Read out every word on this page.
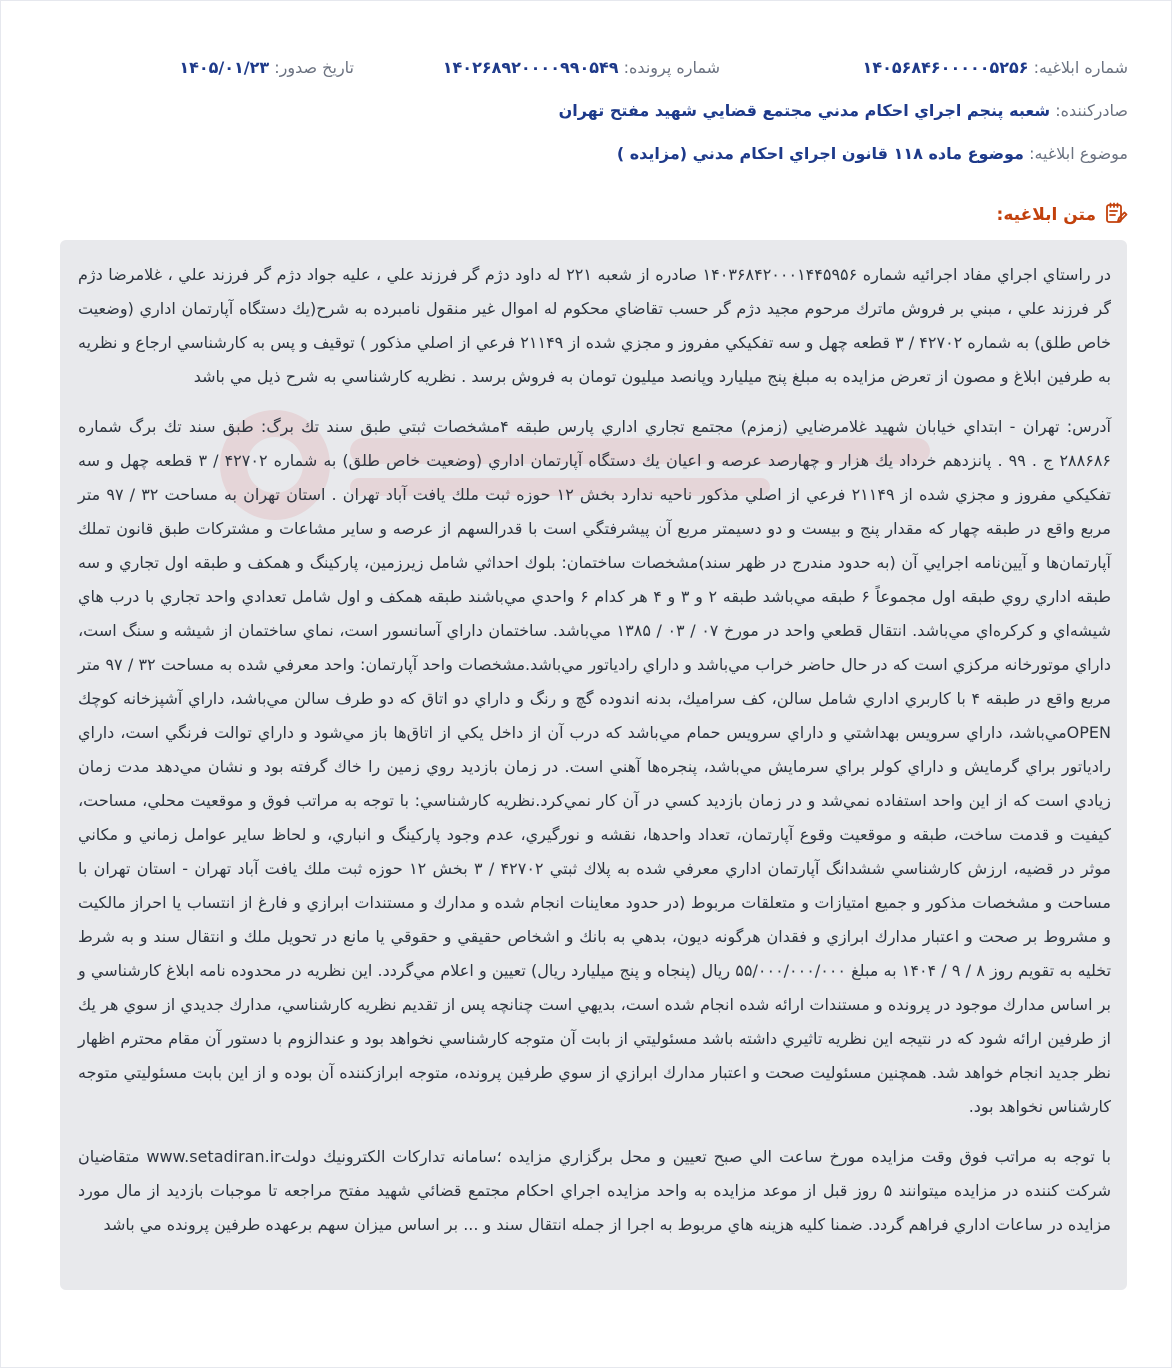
شماره ابلاغيه: ۱۴۰۵۶۸۴۶۰۰۰۰۰۵۲۵۶
شماره پرونده: ۱۴۰۲۶۸۹۲۰۰۰۰۹۹۰۵۴۹
تاريخ صدور: ۱۴۰۵/۰۱/۲۳
صادرکننده: شعبه پنجم اجراي احكام مدني مجتمع قضايي شهيد مفتح تهران
موضوع ابلاغيه: موضوع ماده ۱۱۸ قانون اجراي احكام مدني (مزايده )
متن ابلاغيه:

در راستاي اجراي مفاد اجرائيه شماره ۱۴۰۳۶۸۴۲۰۰۰۱۴۴۵۹۵۶ صادره از شعبه ۲۲۱ له داود دژم گر فرزند علي ، عليه جواد دژم گر فرزند علي ، غلامرضا دژم گر فرزند علي ، مبني بر فروش ماترك مرحوم مجيد دژم گر حسب تقاضاي محكوم له اموال غير منقول نامبرده به شرح(يك دستگاه آپارتمان اداري (وضعيت خاص طلق) به شماره ۴۲۷۰۲ / ۳ قطعه چهل و سه تفكيكي مفروز و مجزي شده از ۲۱۱۴۹ فرعي از اصلي مذكور ) توقيف و پس به كارشناسي ارجاع و نظريه به طرفين ابلاغ و مصون از تعرض مزايده به مبلغ پنج ميليارد وپانصد ميليون تومان به فروش برسد . نظريه كارشناسي به شرح ذيل مي باشد

آدرس: تهران - ابتداي خيابان شهيد غلامرضايي (زمزم) مجتمع تجاري اداري پارس طبقه ۴مشخصات ثبتي طبق سند تك برگ: طبق سند تك برگ شماره ۲۸۸۶۸۶ ج . ۹۹ . پانزدهم خرداد يك هزار و چهارصد عرصه و اعيان يك دستگاه آپارتمان اداري (وضعيت خاص طلق) به شماره ۴۲۷۰۲ / ۳ قطعه چهل و سه تفكيكي مفروز و مجزي شده از ۲۱۱۴۹ فرعي از اصلي مذكور ناحيه ندارد بخش ۱۲ حوزه ثبت ملك يافت آباد تهران . استان تهران به مساحت ۳۲ / ۹۷ متر مربع واقع در طبقه چهار كه مقدار پنج و بيست و دو دسيمتر مربع آن پيشرفتگي است با قدرالسهم از عرصه و ساير مشاعات و مشتركات طبق قانون تملك آپارتمان‌ها و آيين‌نامه اجرايي آن (به حدود مندرج در ظهر سند)مشخصات ساختمان: بلوك احداثي شامل زيرزمين، پاركينگ و همكف و طبقه اول تجاري و سه طبقه اداري روي طبقه اول مجموعاً ۶ طبقه مي‌باشد طبقه ۲ و ۳ و ۴ هر كدام ۶ واحدي مي‌باشند طبقه همكف و اول شامل تعدادي واحد تجاري با درب هاي شيشه‌اي و كركره‌اي مي‌باشد. انتقال قطعي واحد در مورخ ۰۷ / ۰۳ / ۱۳۸۵ مي‌باشد. ساختمان داراي آسانسور است، نماي ساختمان از شيشه و سنگ است، داراي موتورخانه مركزي است كه در حال حاضر خراب مي‌باشد و داراي رادياتور مي‌باشد.مشخصات واحد آپارتمان: واحد معرفي شده به مساحت ۳۲ / ۹۷ متر مربع واقع در طبقه ۴ با كاربري اداري شامل سالن، كف سراميك، بدنه اندوده گچ و رنگ و داراي دو اتاق كه دو طرف سالن مي‌باشد، داراي آشپزخانه كوچك OPENمي‌باشد، داراي سرويس بهداشتي و داراي سرويس حمام مي‌باشد كه درب آن از داخل يكي از اتاق‌ها باز مي‌شود و داراي توالت فرنگي است، داراي رادياتور براي گرمايش و داراي كولر براي سرمايش مي‌باشد، پنجره‌ها آهني است. در زمان بازديد روي زمين را خاك گرفته بود و نشان مي‌دهد مدت زمان زيادي است كه از اين واحد استفاده نمي‌شد و در زمان بازديد كسي در آن كار نمي‌كرد.نظريه كارشناسي: با توجه به مراتب فوق و موقعيت محلي، مساحت، كيفيت و قدمت ساخت، طبقه و موقعيت وقوع آپارتمان، تعداد واحدها، نقشه و نورگيري، عدم وجود پاركينگ و انباري، و لحاظ ساير عوامل زماني و مكاني موثر در قضيه، ارزش كارشناسي ششدانگ آپارتمان اداري معرفي شده به پلاك ثبتي ۴۲۷۰۲ / ۳ بخش ۱۲ حوزه ثبت ملك يافت آباد تهران - استان تهران با مساحت و مشخصات مذكور و جميع امتيازات و متعلقات مربوط (در حدود معاينات انجام شده و مدارك و مستندات ابرازي و فارغ از انتساب يا احراز مالكيت و مشروط بر صحت و اعتبار مدارك ابرازي و فقدان هرگونه ديون، بدهي به بانك و اشخاص حقيقي و حقوقي يا مانع در تحويل ملك و انتقال سند و به شرط تخليه به تقويم روز ۸ / ۹ / ۱۴۰۴ به مبلغ ۵۵/۰۰۰/۰۰۰/۰۰۰ ريال (پنجاه و پنج ميليارد ريال) تعيين و اعلام مي‌گردد. اين نظريه در محدوده نامه ابلاغ كارشناسي و بر اساس مدارك موجود در پرونده و مستندات ارائه شده انجام شده است، بديهي است چنانچه پس از تقديم نظريه كارشناسي، مدارك جديدي از سوي هر يك از طرفين ارائه شود كه در نتيجه اين نظريه تاثيري داشته باشد مسئوليتي از بابت آن متوجه كارشناسي نخواهد بود و عندالزوم با دستور آن مقام محترم اظهار نظر جديد انجام خواهد شد. همچنين مسئوليت صحت و اعتبار مدارك ابرازي از سوي طرفين پرونده، متوجه ابرازكننده آن بوده و از اين بابت مسئوليتي متوجه كارشناس نخواهد بود.

با توجه به مراتب فوق وقت مزايده مورخ ساعت الي صبح تعيين و محل برگزاري مزايده ؛سامانه تداركات الكترونيك دولتwww.setadiran.ir متقاضيان شركت كننده در مزايده ميتوانند ۵ روز قبل از موعد مزايده به واحد مزايده اجراي احكام مجتمع قضائي شهيد مفتح مراجعه تا موجبات بازديد از مال مورد مزايده در ساعات اداري فراهم گردد. ضمنا كليه هزينه هاي مربوط به اجرا از جمله انتقال سند و ... بر اساس ميزان سهم برعهده طرفين پرونده مي باشد
